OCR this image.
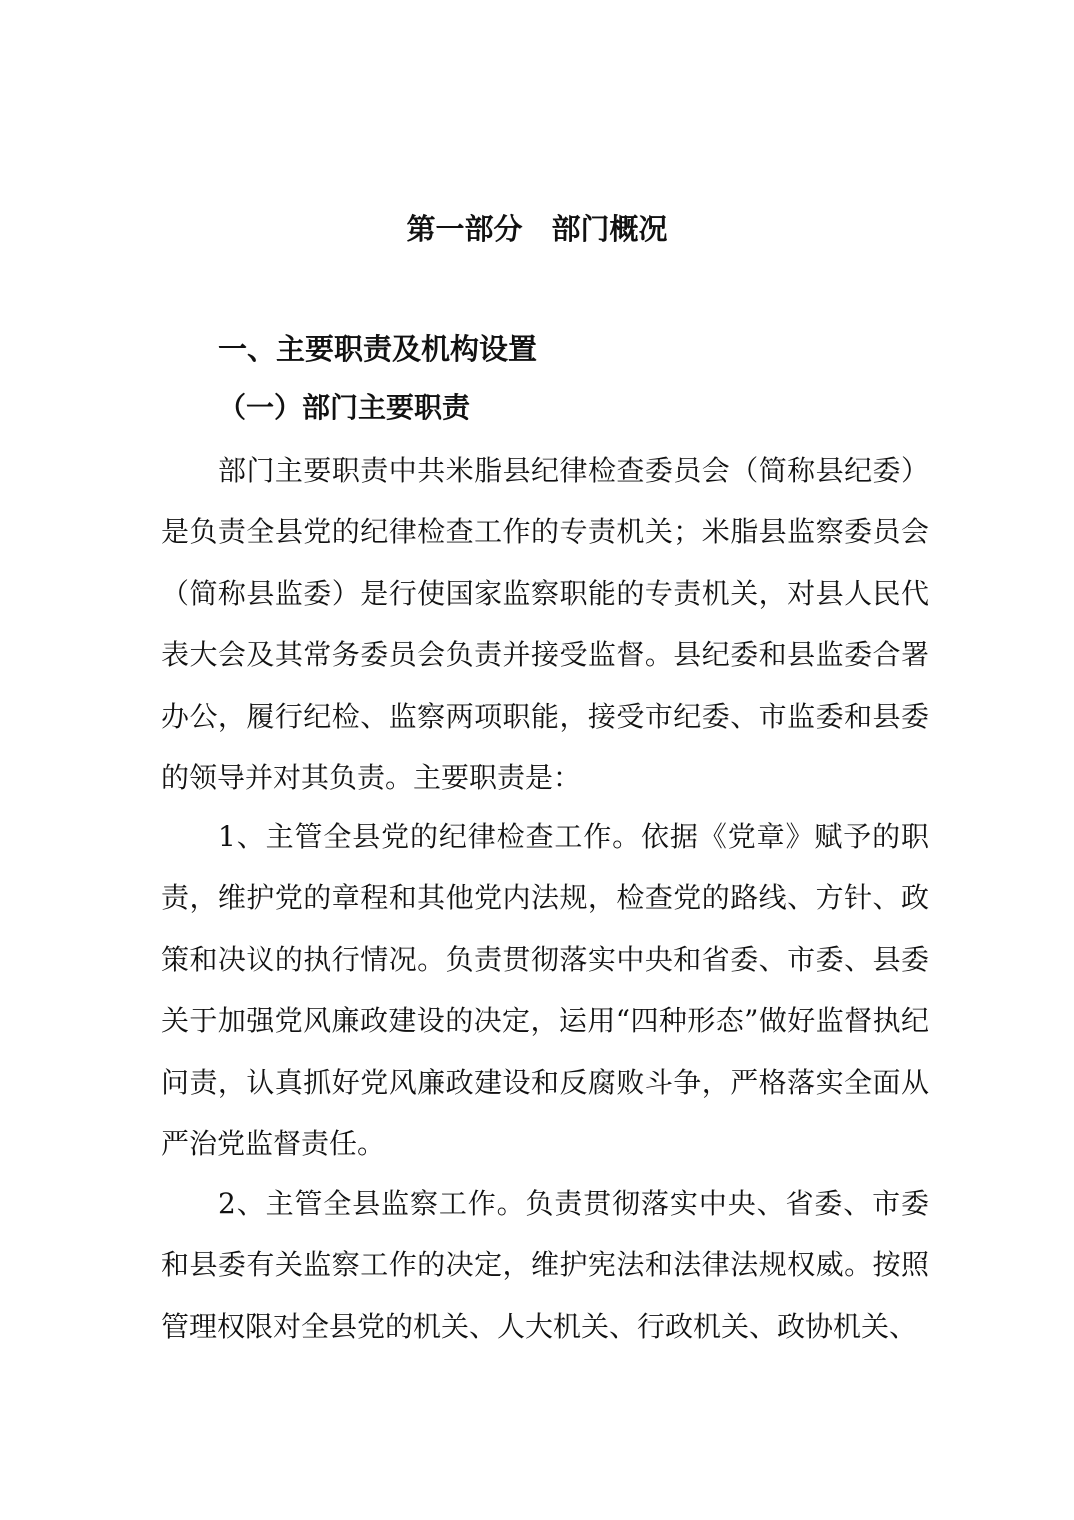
第一部分　部门概况
一、主要职责及机构设置
（一）部门主要职责

部门主要职责中共米脂县纪律检查委员会（简称县纪委）是负责全县党的纪律检查工作的专责机关；米脂县监察委员会（简称县监委）是行使国家监察职能的专责机关，对县人民代表大会及其常务委员会负责并接受监督。县纪委和县监委合署办公，履行纪检、监察两项职能，接受市纪委、市监委和县委的领导并对其负责。主要职责是：

1、主管全县党的纪律检查工作。依据《党章》赋予的职责，维护党的章程和其他党内法规，检查党的路线、方针、政策和决议的执行情况。负责贯彻落实中央和省委、市委、县委关于加强党风廉政建设的决定，运用“四种形态”做好监督执纪问责，认真抓好党风廉政建设和反腐败斗争，严格落实全面从严治党监督责任。

2、主管全县监察工作。负责贯彻落实中央、省委、市委和县委有关监察工作的决定，维护宪法和法律法规权威。按照管理权限对全县党的机关、人大机关、行政机关、政协机关、
